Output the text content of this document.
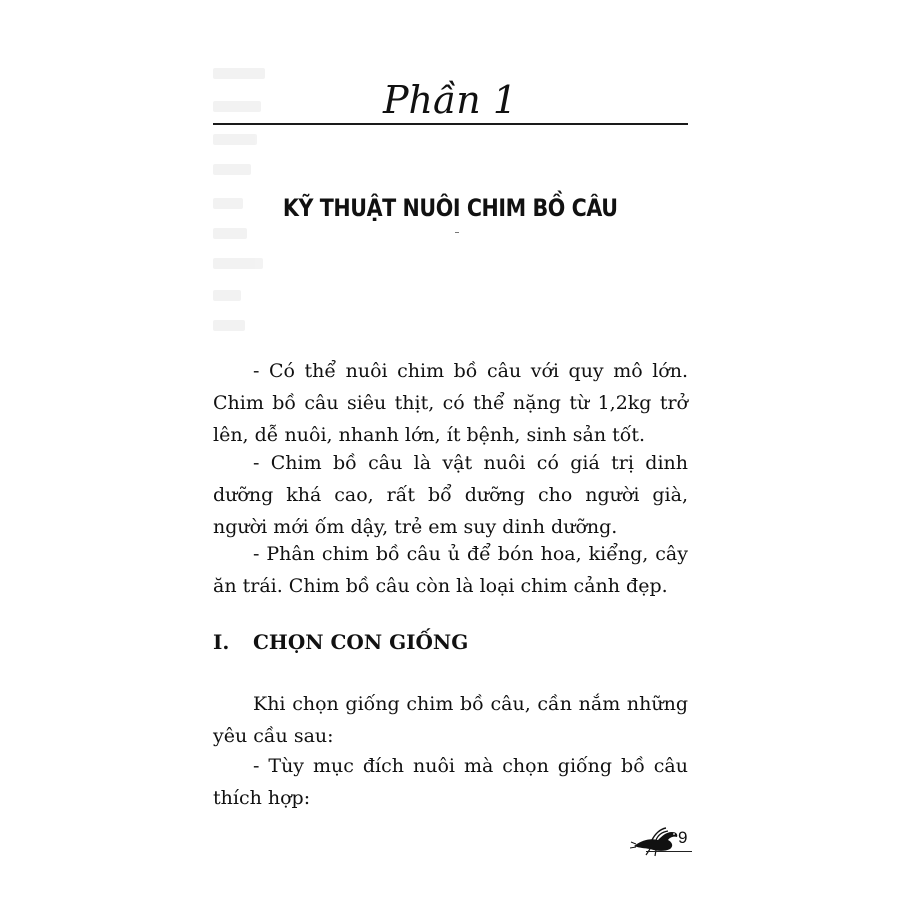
Phần 1
KỸ THUẬT NUÔI CHIM BỒ CÂU

- Có thể nuôi chim bồ câu với quy mô lớn. Chim bồ câu siêu thịt, có thể nặng từ 1,2kg trở lên, dễ nuôi, nhanh lớn, ít bệnh, sinh sản tốt.

- Chim bồ câu là vật nuôi có giá trị dinh dưỡng khá cao, rất bổ dưỡng cho người già, người mới ốm dậy, trẻ em suy dinh dưỡng.

- Phân chim bồ câu ủ để bón hoa, kiểng, cây ăn trái. Chim bồ câu còn là loại chim cảnh đẹp.

I. CHỌN CON GIỐNG

Khi chọn giống chim bồ câu, cần nắm những yêu cầu sau:

- Tùy mục đích nuôi mà chọn giống bồ câu thích hợp:

9
